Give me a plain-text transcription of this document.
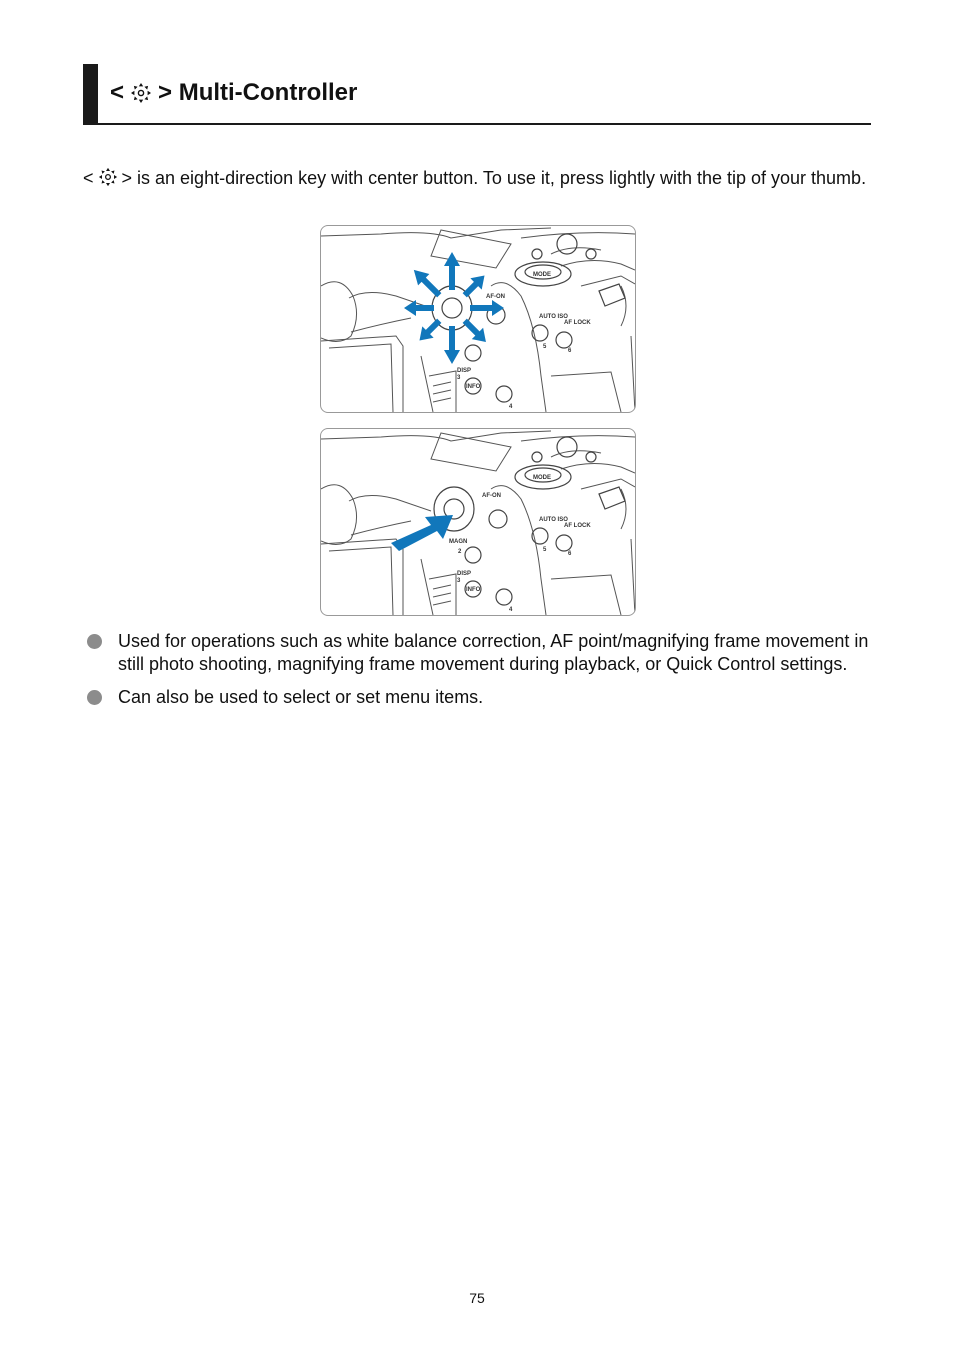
< > Multi-Controller

< > is an eight-direction key with center button. To use it, press lightly with the tip of your thumb.

AF-ON
MODE
AUTO ISO
AF LOCK
DISP
INFO
5
6
4
3
AF-ON
MODE
AUTO ISO
AF LOCK
MAGN
2
DISP
3
INFO
4
5
6
Used for operations such as white balance correction, AF point/magnifying frame movement in still photo shooting, magnifying frame movement during playback, or Quick Control settings.
Can also be used to select or set menu items.
75
